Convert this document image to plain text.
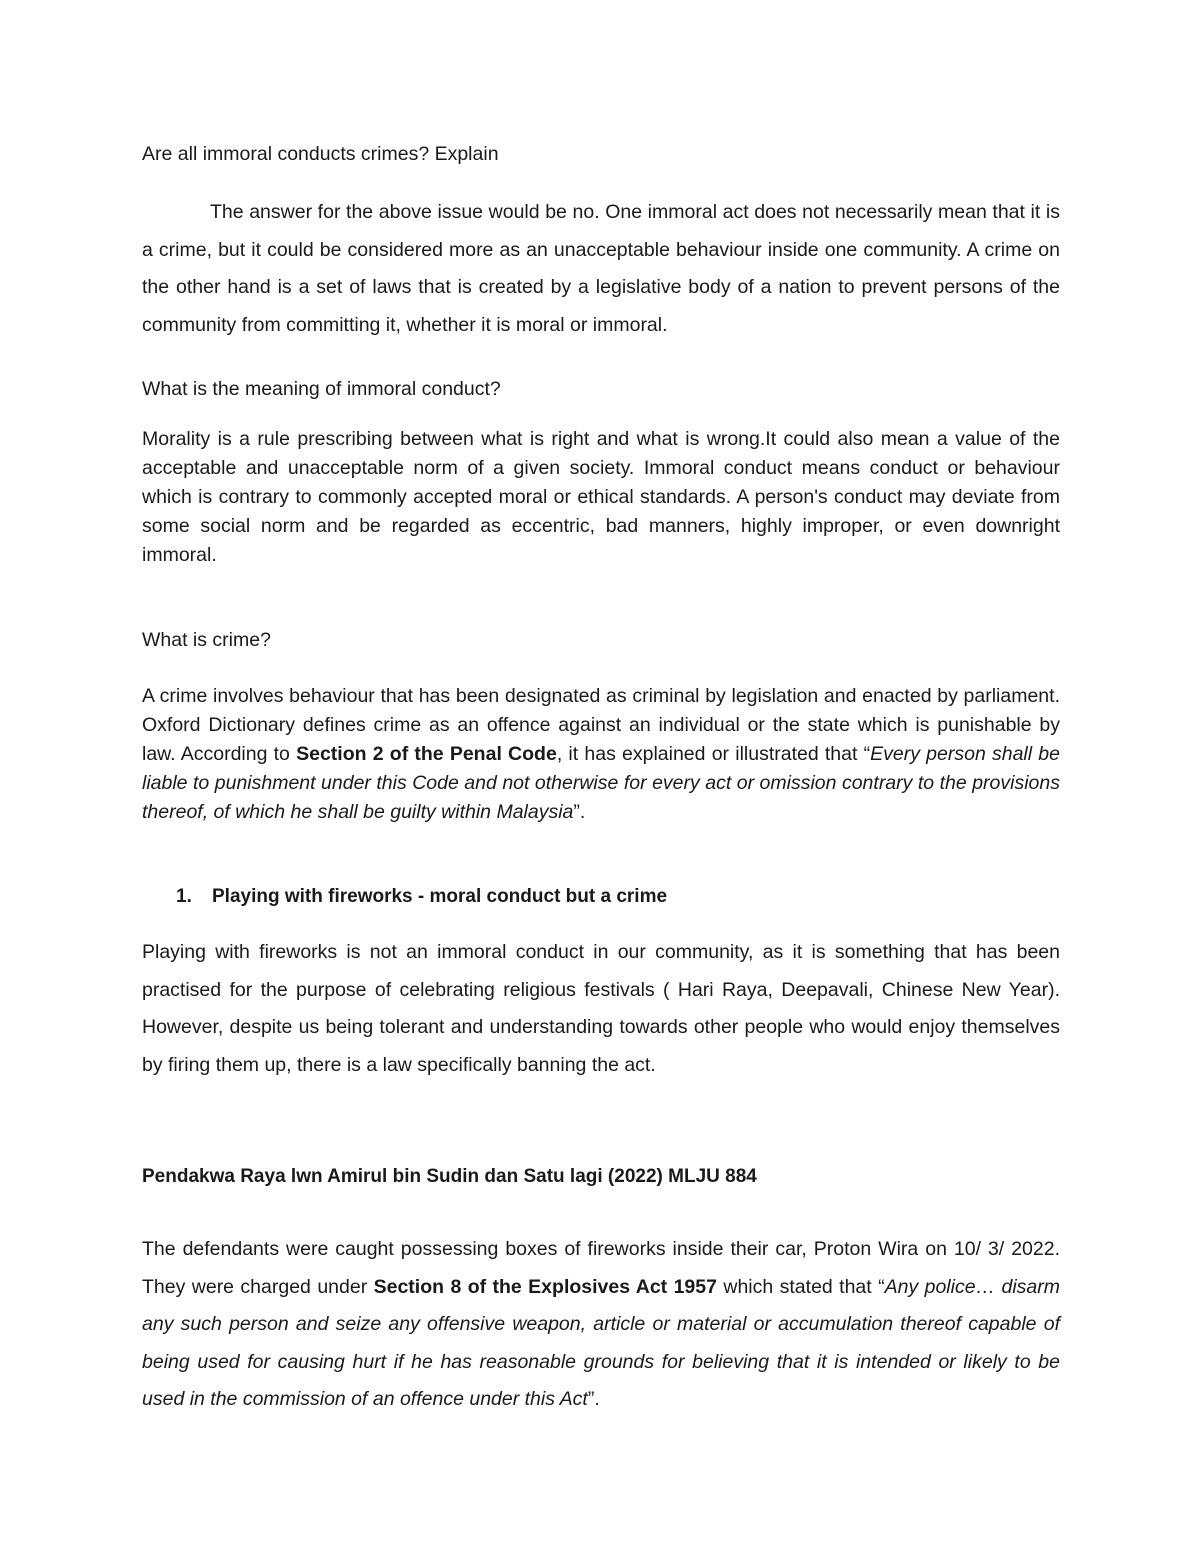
Are all immoral conducts crimes? Explain

The answer for the above issue would be no. One immoral act does not necessarily mean that it is a crime, but it could be considered more as an unacceptable behaviour inside one community. A crime on the other hand is a set of laws that is created by a legislative body of a nation to prevent persons of the community from committing it, whether it is moral or immoral.

What is the meaning of immoral conduct?

Morality is a rule prescribing between what is right and what is wrong.It could also mean a value of the acceptable and unacceptable norm of a given society. Immoral conduct means conduct or behaviour which is contrary to commonly accepted moral or ethical standards. A person's conduct may deviate from some social norm and be regarded as eccentric, bad manners, highly improper, or even downright immoral.

What is crime?

A crime involves behaviour that has been designated as criminal by legislation and enacted by parliament. Oxford Dictionary defines crime as an offence against an individual or the state which is punishable by law. According to Section 2 of the Penal Code, it has explained or illustrated that “Every person shall be liable to punishment under this Code and not otherwise for every act or omission contrary to the provisions thereof, of which he shall be guilty within Malaysia”.

1. Playing with fireworks - moral conduct but a crime

Playing with fireworks is not an immoral conduct in our community, as it is something that has been practised for the purpose of celebrating religious festivals ( Hari Raya, Deepavali, Chinese New Year). However, despite us being tolerant and understanding towards other people who would enjoy themselves by firing them up, there is a law specifically banning the act.

Pendakwa Raya lwn Amirul bin Sudin dan Satu lagi (2022) MLJU 884

The defendants were caught possessing boxes of fireworks inside their car, Proton Wira on 10/ 3/ 2022. They were charged under Section 8 of the Explosives Act 1957 which stated that “Any police… disarm any such person and seize any offensive weapon, article or material or accumulation thereof capable of being used for causing hurt if he has reasonable grounds for believing that it is intended or likely to be used in the commission of an offence under this Act”.
